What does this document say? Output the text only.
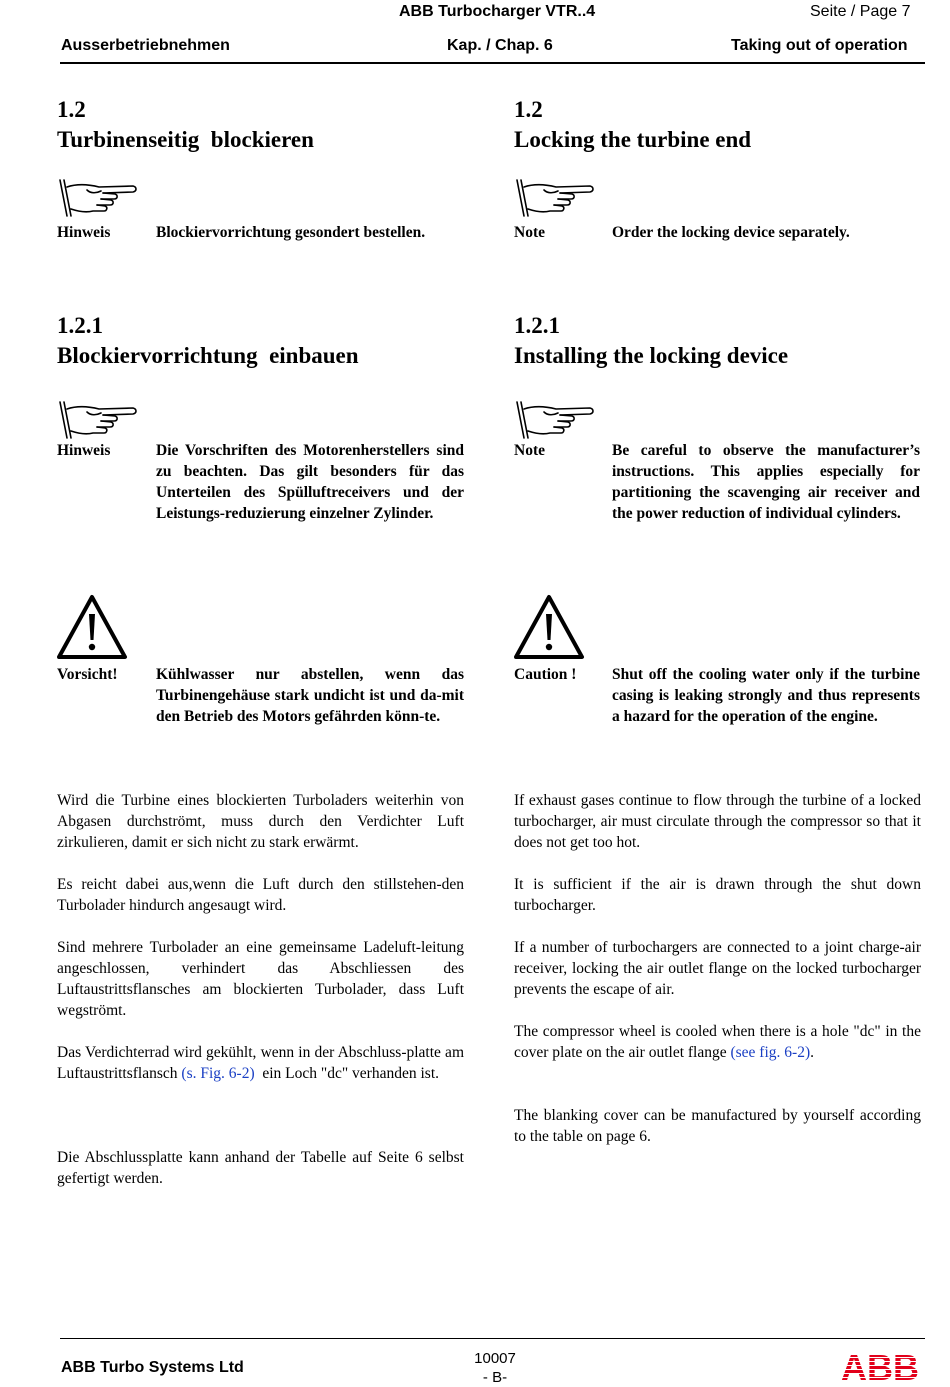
ABB Turbocharger VTR..4	Seite / Page 7
Ausserbetriebnehmen	Kap. / Chap. 6	Taking out of operation
1.2
Turbinenseitig  blockieren
1.2
Locking the turbine end
Hinweis	Blockiervorrichtung gesondert bestellen.	Note	Order the locking device separately.
1.2.1
Blockiervorrichtung  einbauen
1.2.1
Installing the locking device
Hinweis	Die Vorschriften des Motorenherstellers sind zu beachten. Das gilt besonders für das Unterteilen des Spülluftreceivers und der Leistungs-reduzierung einzelner Zylinder.
Note	Be careful to observe the manufacturer’s instructions. This applies especially for partitioning the scavenging air receiver and the power reduction of individual cylinders.
Vorsicht! Kühlwasser nur abstellen, wenn das Turbinengehäuse stark undicht ist und da-mit den Betrieb des Motors gefährden könn-te.
Caution ! Shut off the cooling water only if the turbine casing is leaking strongly and thus represents a hazard for the operation of the engine.
Wird die Turbine eines blockierten Turboladers weiterhin von Abgasen durchströmt, muss durch den Verdichter Luft zirkulieren, damit er sich nicht zu stark erwärmt.
Es reicht dabei aus,wenn die Luft durch den stillstehen-den Turbolader hindurch angesaugt wird.
Sind mehrere Turbolader an eine gemeinsame Ladeluft-leitung angeschlossen, verhindert das Abschliessen des Luftaustrittsflansches am blockierten Turbolader, dass Luft wegströmt.
Das Verdichterrad wird gekühlt, wenn in der Abschluss-platte am Luftaustrittsflansch (s. Fig. 6-2)  ein Loch "dc" verhanden ist.
Die Abschlussplatte kann anhand der Tabelle auf Seite 6 selbst gefertigt werden.
If exhaust gases continue to flow through the turbine of a locked turbocharger, air must circulate through the compressor so that it does not get too hot.
It is sufficient if the air is drawn through the shut down turbocharger.
If a number of turbochargers are connected to a joint charge-air receiver, locking the air outlet flange on the locked turbocharger prevents the escape of air.
The compressor wheel is cooled when there is a hole "dc" in the cover plate on the air outlet flange (see fig. 6-2).
The blanking cover can be manufactured by yourself according to the table on page 6.
ABB Turbo Systems Ltd
10007
- B-	ABB
